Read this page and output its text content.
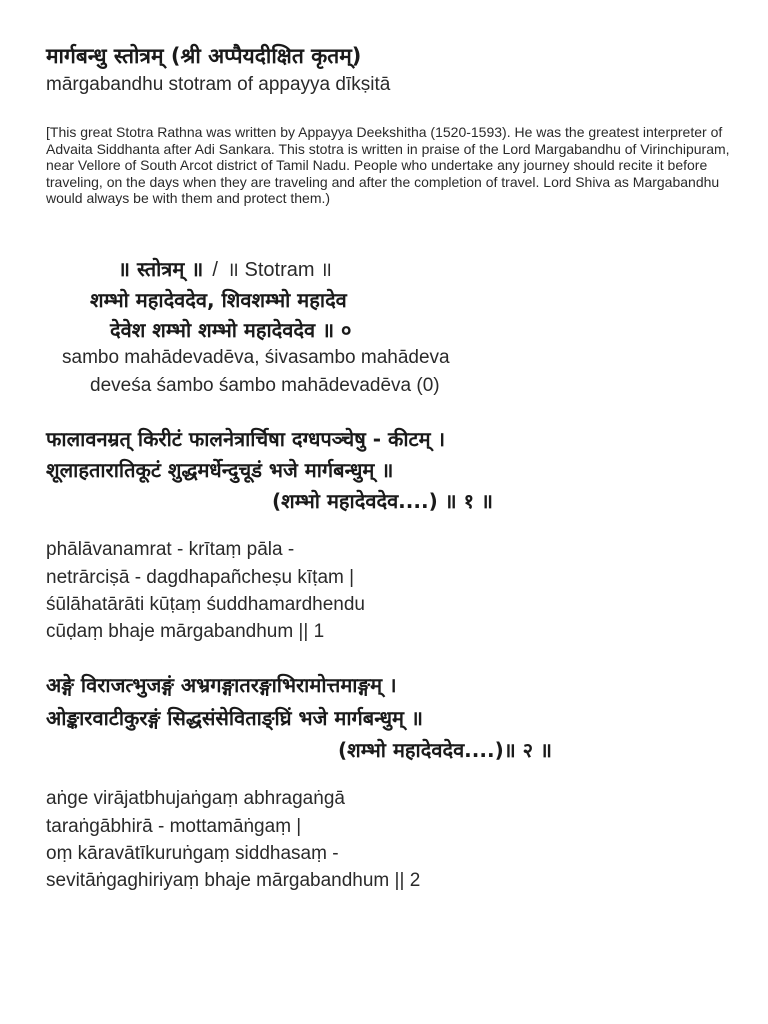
मार्गबन्धु स्तोत्रम् (श्री अप्पैयदीक्षित कृतम्)
mārgabandhu stotram of appayya dīkṣitā
[This great Stotra Rathna was written by Appayya Deekshitha (1520-1593). He was the greatest interpreter of Advaita Siddhanta after Adi Sankara. This stotra is written in praise of the Lord Margabandhu of Virinchipuram, near Vellore of South Arcot district of Tamil Nadu. People who undertake any journey should recite it before traveling, on the days when they are traveling and after the completion of travel. Lord Shiva as Margabandhu would always be with them and protect them.)
॥ स्तोत्रम् ॥ / ॥ Stotram ॥
शम्भो महादेवदेव, शिवशम्भो महादेव
देवेश शम्भो शम्भो महादेवदेव ॥ ०
sambo mahādevadēva, śivasambo mahādeva
deveśa śambo śambo mahādevadēva (0)
फालावनम्रत् किरीटं फालनेत्रार्चिषा दग्धपञ्चेषु - कीटम् ।
शूलाहतारातिकूटं शुद्धमर्धेन्दुचूडं भजे मार्गबन्धुम् ॥
(शम्भो महादेवदेव....) ॥ १ ॥
phālāvanamrat - krītaṃ pāla -
netrārciṣā - dagdhapañcheṣu kīṭam |
śūlāhatārāti kūṭaṃ śuddhamardhendu
cūḍaṃ bhaje mārgabandhum || 1
अङ्गे विराजत्भुजङ्गं अभ्रगङ्गातरङ्गाभिरामोत्तमाङ्गम् ।
ओङ्कारवाटीकुरङ्गं सिद्धसंसेविताङ्घ्रिं भजे मार्गबन्धुम् ॥
(शम्भो महादेवदेव....)॥ २ ॥
aṅge virājatbhujaṅgaṃ abhragaṅgā
taraṅgābhirā - mottamāṅgaṃ |
oṃ kāravātīkuruṅgaṃ siddhasaṃ -
sevitāṅgaghiriyaṃ bhaje mārgabandhum || 2
